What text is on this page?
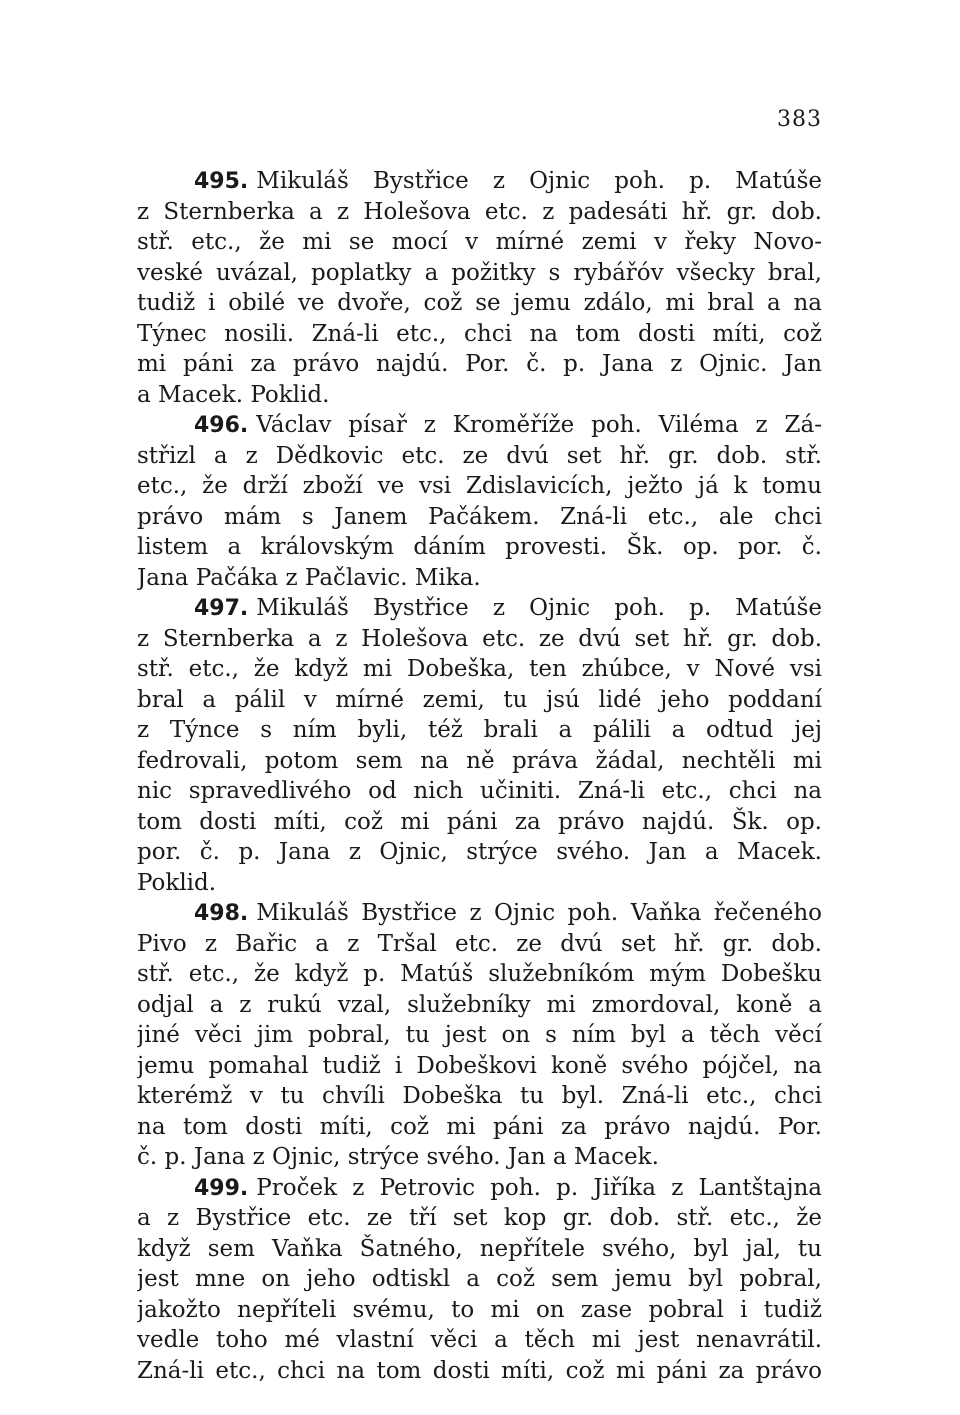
383
495. Mikuláš Bystřice z Ojnic poh. p. Matúše
z Sternberka a z Holešova etc. z padesáti hř. gr. dob.
stř. etc., že mi se mocí v mírné zemi v řeky Novo-
veské uvázal, poplatky a požitky s rybářóv všecky bral,
tudiž i obilé ve dvoře, což se jemu zdálo, mi bral a na
Týnec nosili. Zná-li etc., chci na tom dosti míti, což
mi páni za právo najdú. Por. č. p. Jana z Ojnic. Jan
a Macek. Poklid.
496. Václav písař z Kroměříže poh. Viléma z Zá-
střizl a z Dědkovic etc. ze dvú set hř. gr. dob. stř.
etc., že drží zboží ve vsi Zdislavicích, ježto já k tomu
právo mám s Janem Pačákem. Zná-li etc., ale chci
listem a královským dáním provesti. Šk. op. por. č.
Jana Pačáka z Pačlavic. Mika.
497. Mikuláš Bystřice z Ojnic poh. p. Matúše
z Sternberka a z Holešova etc. ze dvú set hř. gr. dob.
stř. etc., že když mi Dobeška, ten zhúbce, v Nové vsi
bral a pálil v mírné zemi, tu jsú lidé jeho poddaní
z Týnce s ním byli, též brali a pálili a odtud jej
fedrovali, potom sem na ně práva žádal, nechtěli mi
nic spravedlivého od nich učiniti. Zná-li etc., chci na
tom dosti míti, což mi páni za právo najdú. Šk. op.
por. č. p. Jana z Ojnic, strýce svého. Jan a Macek.
Poklid.
498. Mikuláš Bystřice z Ojnic poh. Vaňka řečeného
Pivo z Bařic a z Tršal etc. ze dvú set hř. gr. dob.
stř. etc., že když p. Matúš služebníkóm mým Dobešku
odjal a z rukú vzal, služebníky mi zmordoval, koně a
jiné věci jim pobral, tu jest on s ním byl a těch věcí
jemu pomahal tudiž i Dobeškovi koně svého pójčel, na
kterémž v tu chvíli Dobeška tu byl. Zná-li etc., chci
na tom dosti míti, což mi páni za právo najdú. Por.
č. p. Jana z Ojnic, strýce svého. Jan a Macek.
499. Proček z Petrovic poh. p. Jiříka z Lantštajna
a z Bystřice etc. ze tří set kop gr. dob. stř. etc., že
když sem Vaňka Šatného, nepřítele svého, byl jal, tu
jest mne on jeho odtiskl a což sem jemu byl pobral,
jakožto nepříteli svému, to mi on zase pobral i tudiž
vedle toho mé vlastní věci a těch mi jest nenavrátil.
Zná-li etc., chci na tom dosti míti, což mi páni za právo
